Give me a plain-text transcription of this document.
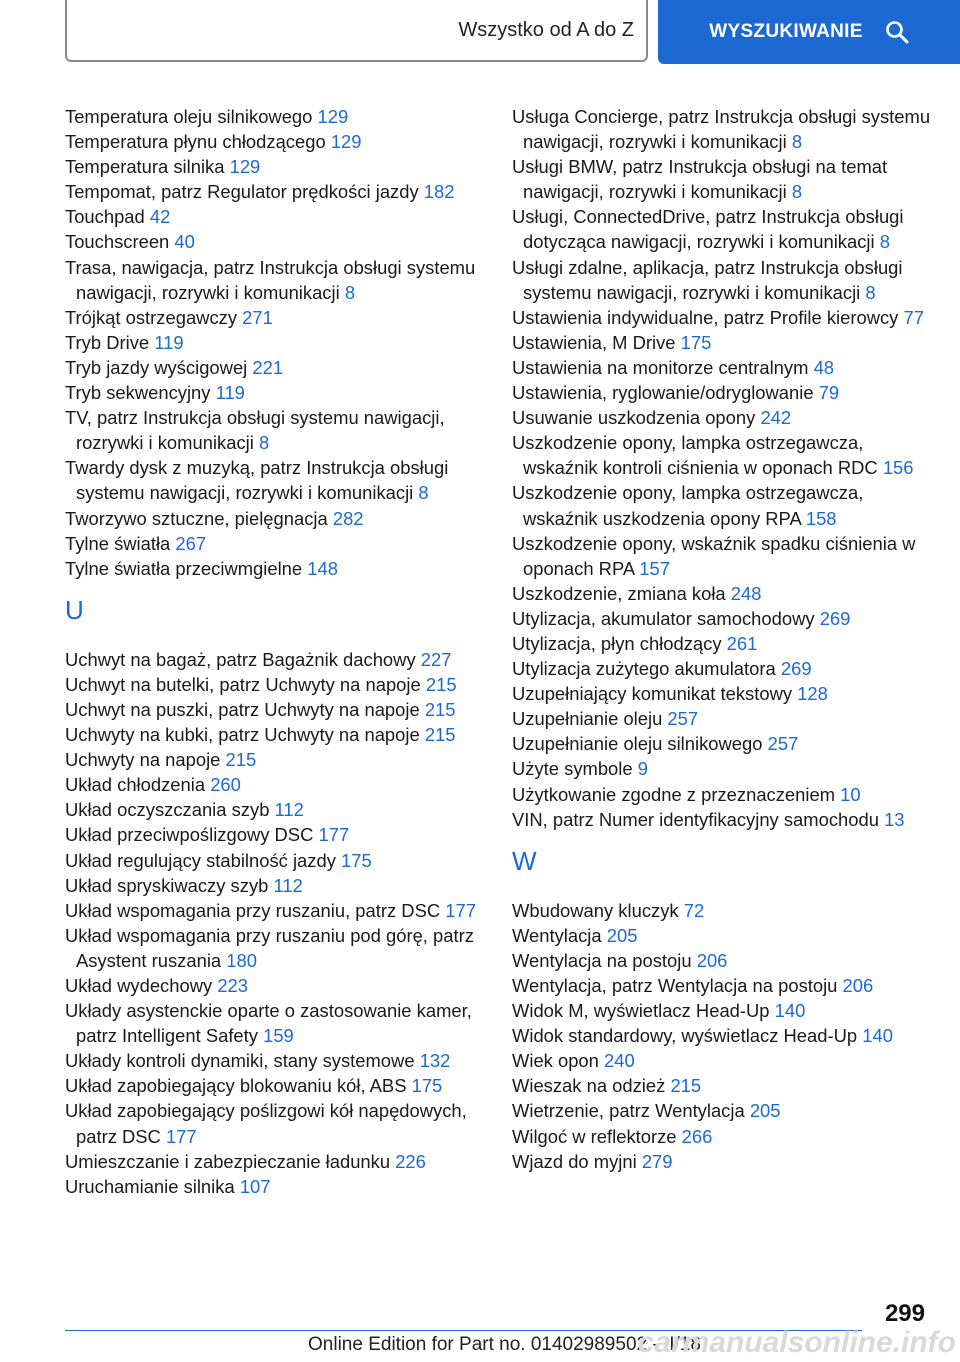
Wszystko od A do Z	WYSZUKIWANIE
Temperatura oleju silnikowego 129
Temperatura płynu chłodzącego 129
Temperatura silnika 129
Tempomat, patrz Regulator prędkości jazdy 182
Touchpad 42
Touchscreen 40
Trasa, nawigacja, patrz Instrukcja obsługi systemu nawigacji, rozrywki i komunikacji 8
Trójkąt ostrzegawczy 271
Tryb Drive 119
Tryb jazdy wyścigowej 221
Tryb sekwencyjny 119
TV, patrz Instrukcja obsługi systemu nawigacji, rozrywki i komunikacji 8
Twardy dysk z muzyką, patrz Instrukcja obsługi systemu nawigacji, rozrywki i komunikacji 8
Tworzywo sztuczne, pielęgnacja 282
Tylne światła 267
Tylne światła przeciwmgielne 148
U
Uchwyt na bagaż, patrz Bagażnik dachowy 227
Uchwyt na butelki, patrz Uchwyty na napoje 215
Uchwyt na puszki, patrz Uchwyty na napoje 215
Uchwyty na kubki, patrz Uchwyty na napoje 215
Uchwyty na napoje 215
Układ chłodzenia 260
Układ oczyszczania szyb 112
Układ przeciwpoślizgowy DSC 177
Układ regulujący stabilność jazdy 175
Układ spryskiwaczy szyb 112
Układ wspomagania przy ruszaniu, patrz DSC 177
Układ wspomagania przy ruszaniu pod górę, patrz Asystent ruszania 180
Układ wydechowy 223
Układy asystenckie oparte o zastosowanie kamer, patrz Intelligent Safety 159
Układy kontroli dynamiki, stany systemowe 132
Układ zapobiegający blokowaniu kół, ABS 175
Układ zapobiegający poślizgowi kół napędowych, patrz DSC 177
Umieszczanie i zabezpieczanie ładunku 226
Uruchamianie silnika 107
Usługa Concierge, patrz Instrukcja obsługi systemu nawigacji, rozrywki i komunikacji 8
Usługi BMW, patrz Instrukcja obsługi na temat nawigacji, rozrywki i komunikacji 8
Usługi, ConnectedDrive, patrz Instrukcja obsługi dotycząca nawigacji, rozrywki i komunikacji 8
Usługi zdalne, aplikacja, patrz Instrukcja obsługi systemu nawigacji, rozrywki i komunikacji 8
Ustawienia indywidualne, patrz Profile kierowcy 77
Ustawienia, M Drive 175
Ustawienia na monitorze centralnym 48
Ustawienia, ryglowanie/odryglowanie 79
Usuwanie uszkodzenia opony 242
Uszkodzenie opony, lampka ostrzegawcza, wskaźnik kontroli ciśnienia w oponach RDC 156
Uszkodzenie opony, lampka ostrzegawcza, wskaźnik uszkodzenia opony RPA 158
Uszkodzenie opony, wskaźnik spadku ciśnienia w oponach RPA 157
Uszkodzenie, zmiana koła 248
Utylizacja, akumulator samochodowy 269
Utylizacja, płyn chłodzący 261
Utylizacja zużytego akumulatora 269
Uzupełniający komunikat tekstowy 128
Uzupełnianie oleju 257
Uzupełnianie oleju silnikowego 257
Użyte symbole 9
Użytkowanie zgodne z przeznaczeniem 10
VIN, patrz Numer identyfikacyjny samochodu 13
W
Wbudowany kluczyk 72
Wentylacja 205
Wentylacja na postoju 206
Wentylacja, patrz Wentylacja na postoju 206
Widok M, wyświetlacz Head-Up 140
Widok standardowy, wyświetlacz Head-Up 140
Wiek opon 240
Wieszak na odzież 215
Wietrzenie, patrz Wentylacja 205
Wilgoć w reflektorze 266
Wjazd do myjni 279
299
Online Edition for Part no. 01402989502 - II/18
carmanualsonline.info
